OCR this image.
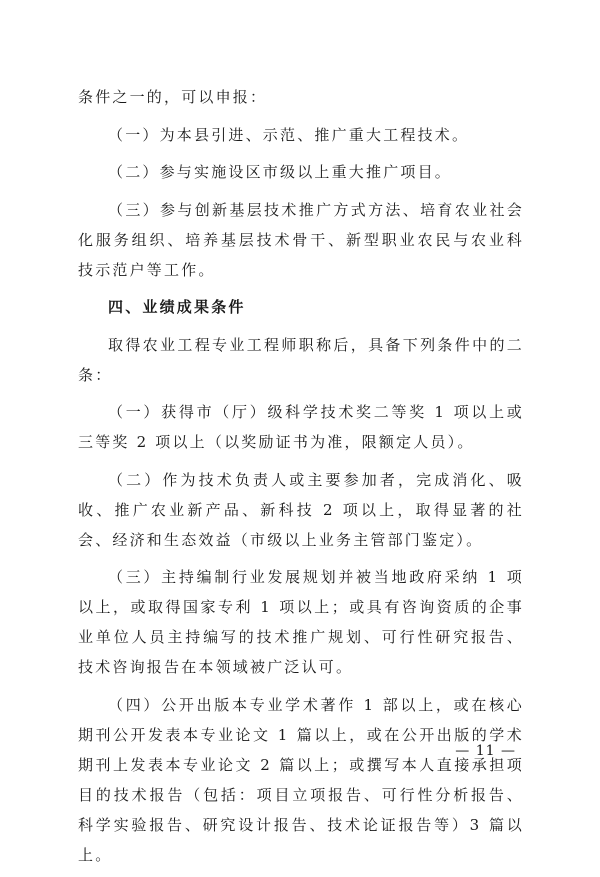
条件之一的，可以申报：

（一）为本县引进、示范、推广重大工程技术。

（二）参与实施设区市级以上重大推广项目。

（三）参与创新基层技术推广方式方法、培育农业社会化服务组织、培养基层技术骨干、新型职业农民与农业科技示范户等工作。

四、业绩成果条件

取得农业工程专业工程师职称后，具备下列条件中的二条：

（一）获得市（厅）级科学技术奖二等奖 1 项以上或三等奖 2 项以上（以奖励证书为准，限额定人员）。

（二）作为技术负责人或主要参加者，完成消化、吸收、推广农业新产品、新科技 2 项以上，取得显著的社会、经济和生态效益（市级以上业务主管部门鉴定）。

（三）主持编制行业发展规划并被当地政府采纳 1 项以上，或取得国家专利 1 项以上；或具有咨询资质的企事业单位人员主持编写的技术推广规划、可行性研究报告、技术咨询报告在本领域被广泛认可。

（四）公开出版本专业学术著作 1 部以上，或在核心期刊公开发表本专业论文 1 篇以上，或在公开出版的学术期刊上发表本专业论文 2 篇以上；或撰写本人直接承担项目的技术报告（包括：项目立项报告、可行性分析报告、科学实验报告、研究设计报告、技术论证报告等）3 篇以上。

— 11 —
